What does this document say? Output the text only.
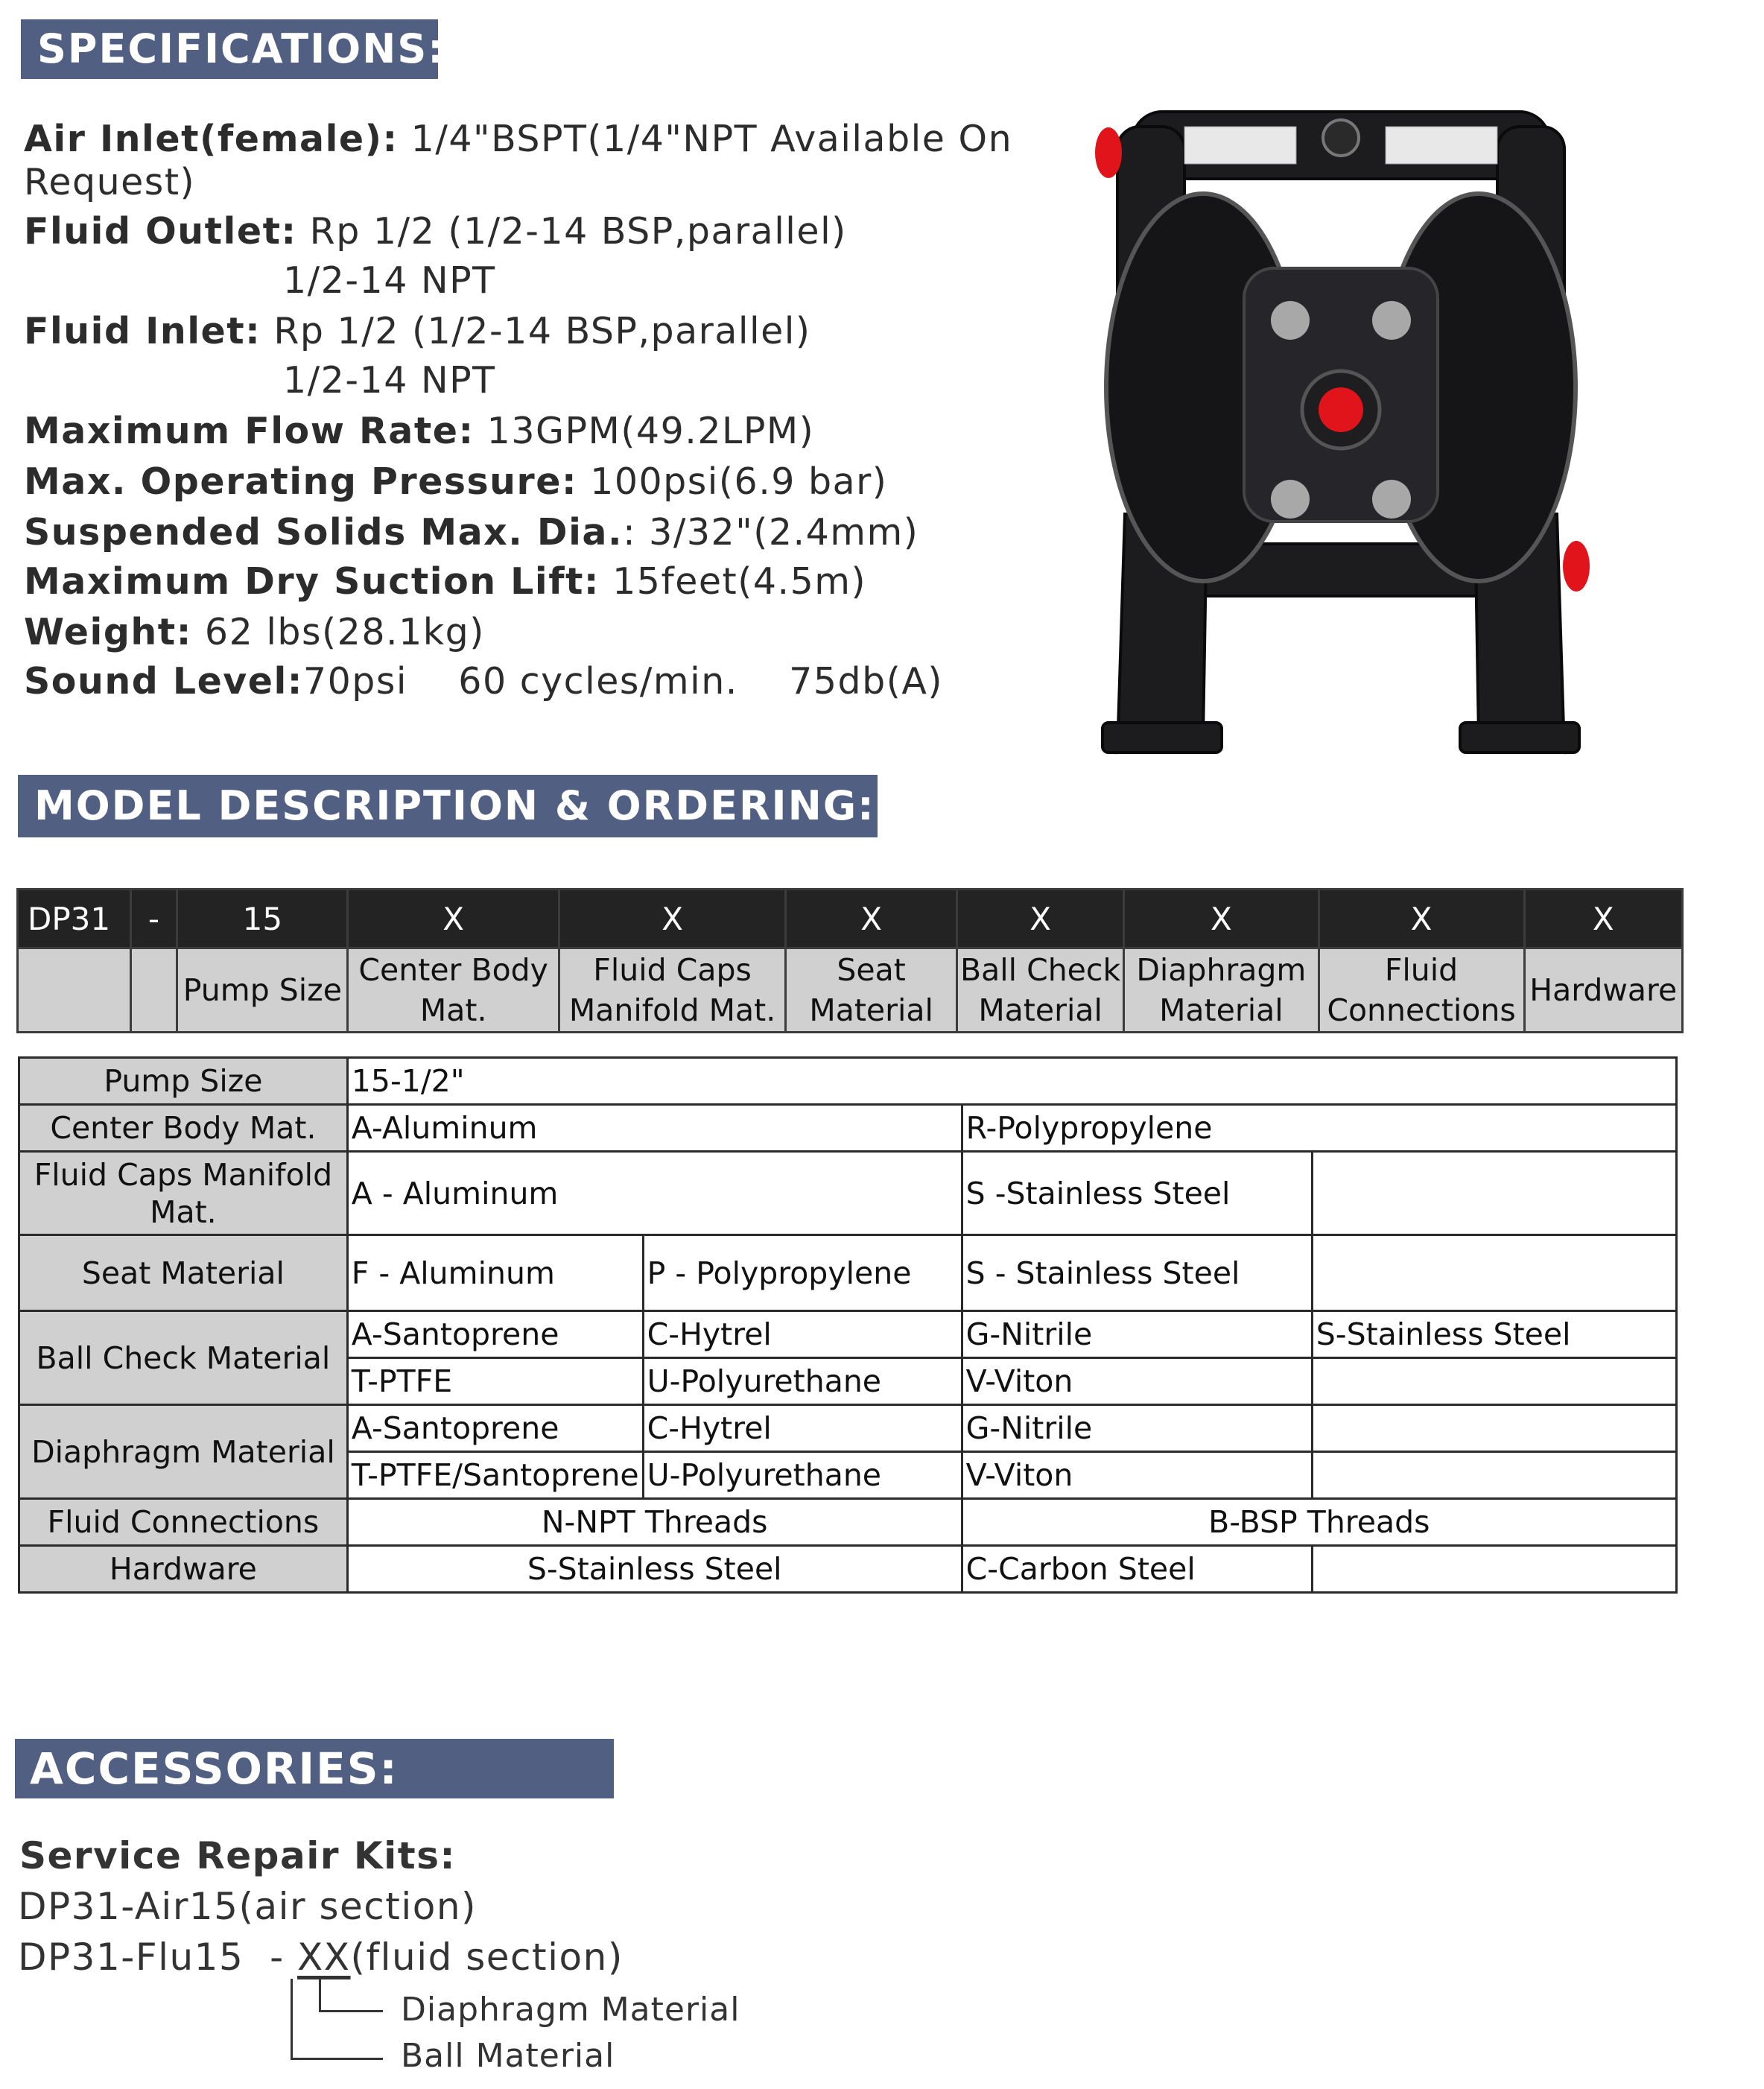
SPECIFICATIONS:
MODEL DESCRIPTION & ORDERING:
ACCESSORIES:
Air Inlet(female): 1/4"BSPT(1/4"NPT Available On
Request)
Fluid Outlet: Rp 1/2 (1/2-14 BSP,parallel)
1/2-14 NPT
Fluid Inlet: Rp 1/2 (1/2-14 BSP,parallel)
1/2-14 NPT
Maximum Flow Rate: 13GPM(49.2LPM)
Max. Operating Pressure: 100psi(6.9 bar)
Suspended Solids Max. Dia.: 3/32"(2.4mm)
Maximum Dry Suction Lift: 15feet(4.5m)
Weight: 62 lbs(28.1kg)
Sound Level:70psi    60 cycles/min.    75db(A)
DP31	-	15	X	X	X	X	X	X	X
		Pump Size	Center Body Mat.	Fluid Caps Manifold Mat.	Seat Material	Ball Check Material	Diaphragm Material	Fluid Connections	Hardware
Pump Size	15-1/2"			
Center Body Mat.	A-Aluminum		R-Polypropylene	
Fluid Caps Manifold Mat.	A - Aluminum		S -Stainless Steel	
Seat Material	F - Aluminum	P - Polypropylene	S - Stainless Steel	
Ball Check Material	A-Santoprene	C-Hytrel	G-Nitrile	S-Stainless Steel
	T-PTFE	U-Polyurethane	V-Viton	
Diaphragm Material	A-Santoprene	C-Hytrel	G-Nitrile	
	T-PTFE/Santoprene	U-Polyurethane	V-Viton	
Fluid Connections	N-NPT Threads		B-BSP Threads	
Hardware	S-Stainless Steel		C-Carbon Steel	
Service Repair Kits:
DP31-Air15(air section)
DP31-Flu15  - XX(fluid section)
Diaphragm Material
Ball Material
